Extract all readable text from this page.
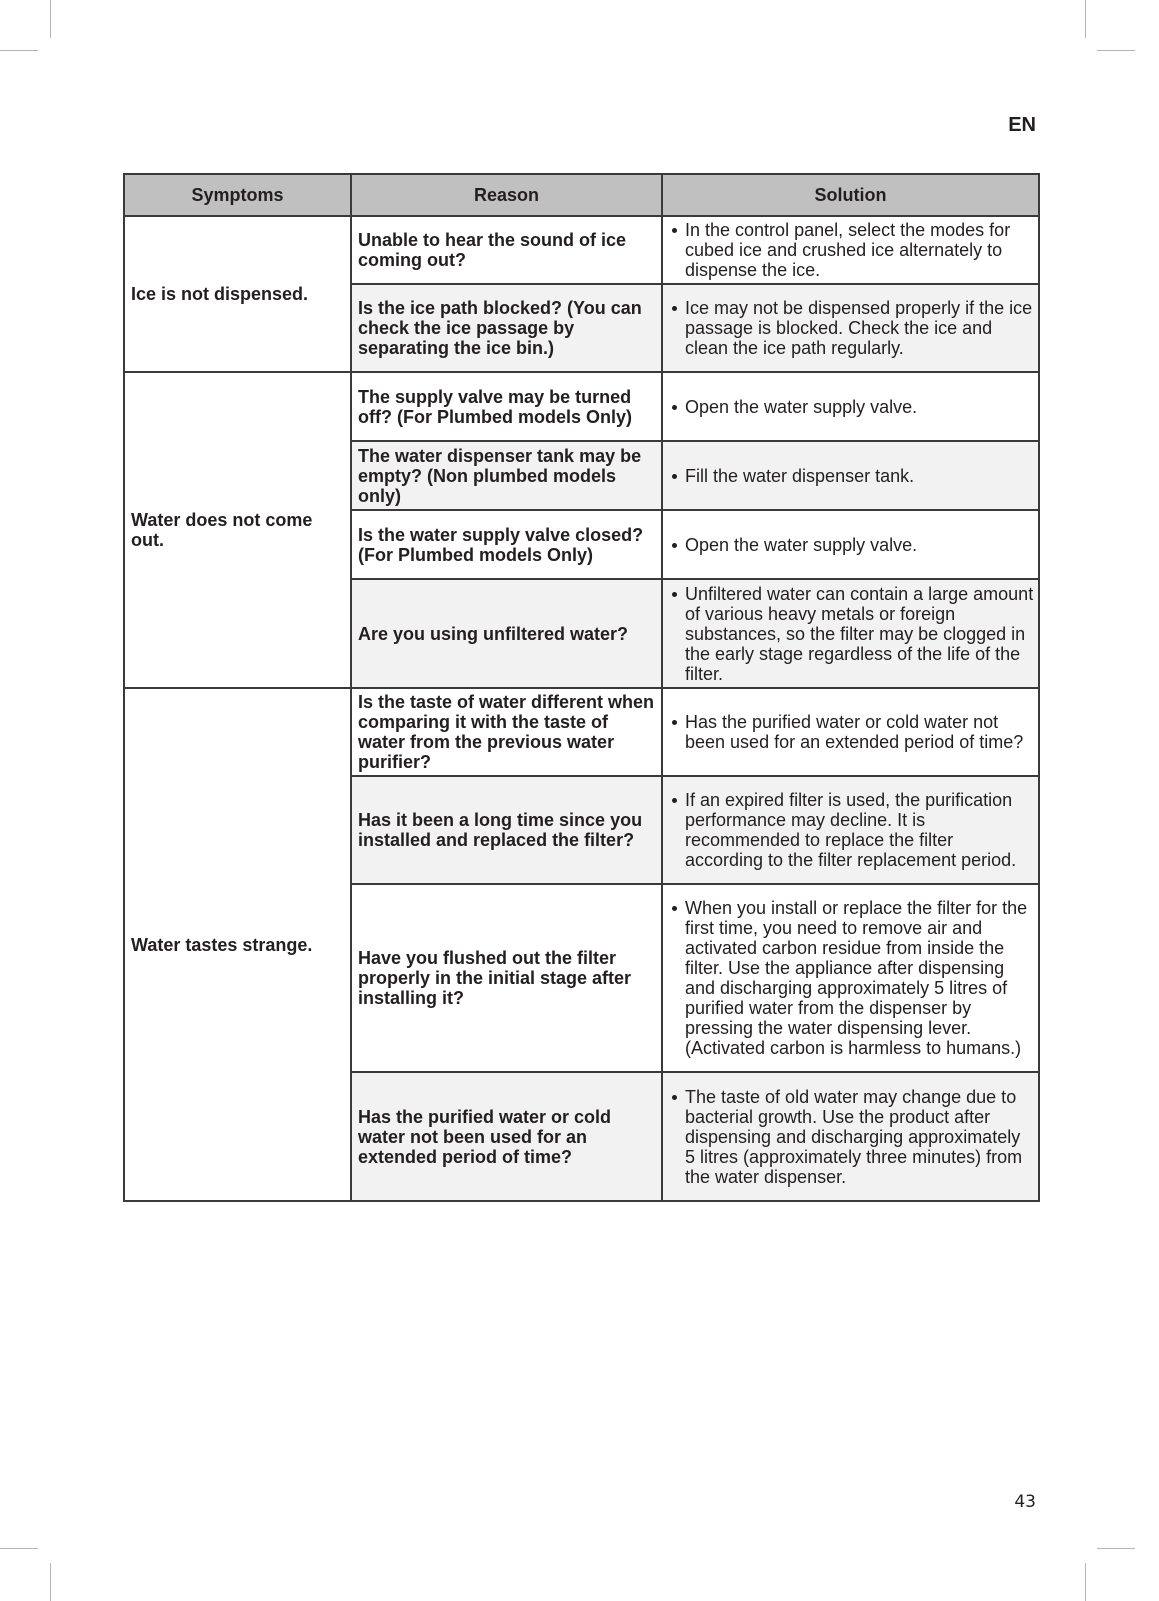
EN
Symptoms	Reason	Solution
Ice is not dispensed.	Unable to hear the sound of ice coming out?	In the control panel, select the modes for cubed ice and crushed ice alternately to dispense the ice.

	Is the ice path blocked? (You can check the ice passage by separating the ice bin.)	Ice may not be dispensed properly if the ice passage is blocked. Check the ice and clean the ice path regularly.

Water does not come out.	The supply valve may be turned off? (For Plumbed models Only)	Open the water supply valve.

	The water dispenser tank may be empty? (Non plumbed models only)	Fill the water dispenser tank.

	Is the water supply valve closed? (For Plumbed models Only)	Open the water supply valve.

	Are you using unfiltered water?	Unfiltered water can contain a large amount of various heavy metals or foreign substances, so the filter may be clogged in the early stage regardless of the life of the filter.

Water tastes strange.	Is the taste of water different when comparing it with the taste of water from the previous water purifier?	Has the purified water or cold water not been used for an extended period of time?

	Has it been a long time since you installed and replaced the filter?	If an expired filter is used, the purification performance may decline. It is recommended to replace the filter according to the filter replacement period.

	Have you flushed out the filter properly in the initial stage after installing it?	When you install or replace the filter for the first time, you need to remove air and activated carbon residue from inside the filter. Use the appliance after dispensing and discharging approximately 5 litres of purified water from the dispenser by pressing the water dispensing lever. (Activated carbon is harmless to humans.)

	Has the purified water or cold water not been used for an extended period of time?	The taste of old water may change due to bacterial growth. Use the product after dispensing and discharging approximately 5 litres (approximately three minutes) from the water dispenser.
43
